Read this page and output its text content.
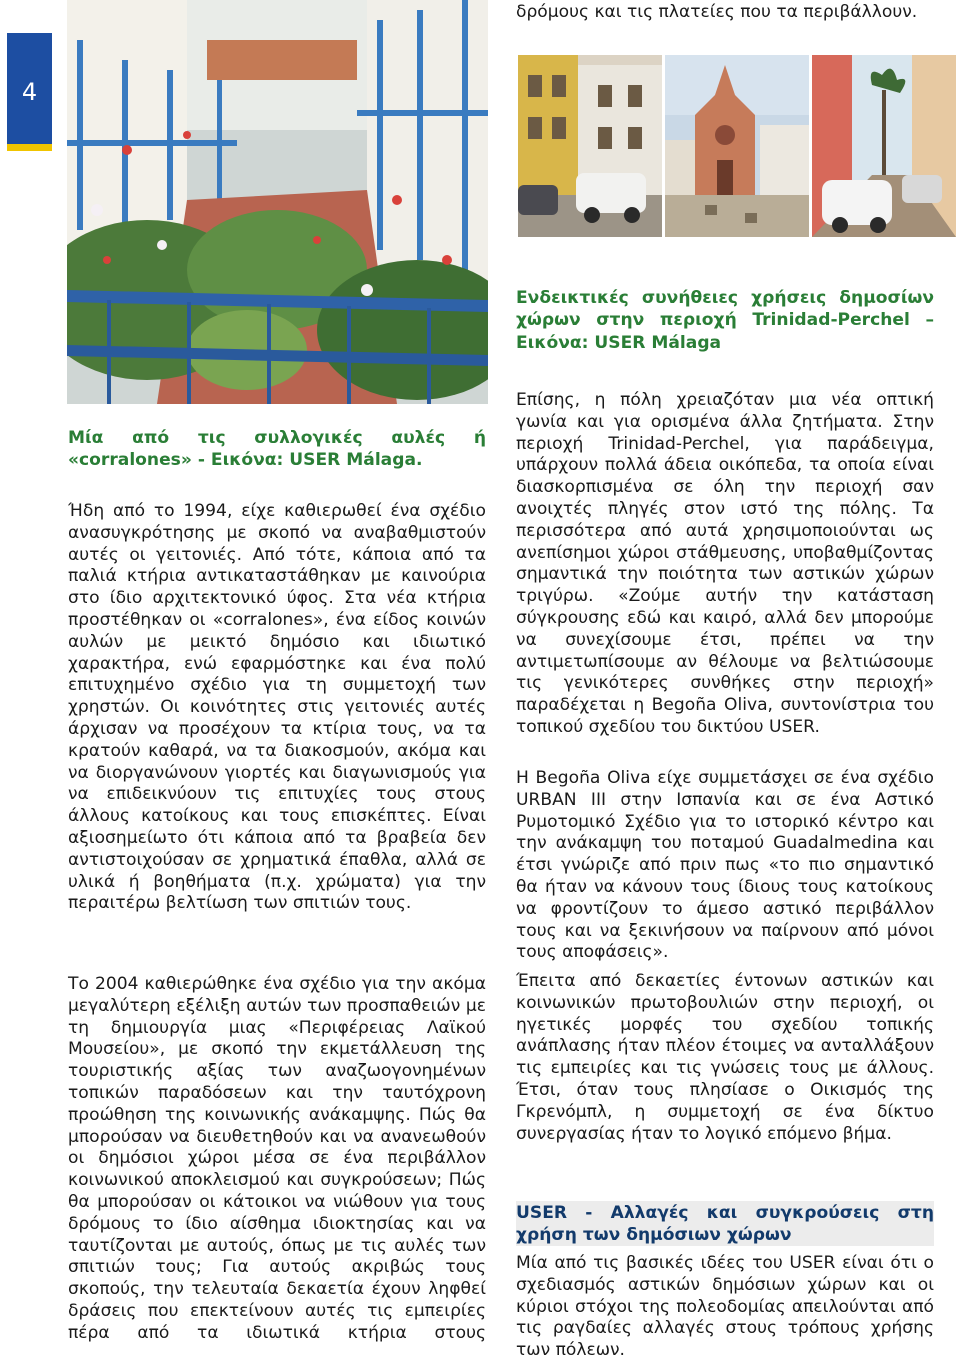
4

Μία από τις συλλογικές αυλές ή

«corralones» - Εικόνα: USER Málaga.

Ήδη από το 1994, είχε καθιερωθεί ένα σχέδιο ανασυγκρότησης με σκοπό να αναβαθμιστούν αυτές οι γειτονιές. Από τότε, κάποια από τα παλιά κτήρια αντικαταστάθηκαν με καινούρια στο ίδιο αρχιτεκτονικό ύφος. Στα νέα κτήρια προστέθηκαν οι «corralones», ένα είδος κοινών αυλών με μεικτό δημόσιο και ιδιωτικό χαρακτήρα, ενώ εφαρμόστηκε και ένα πολύ επιτυχημένο σχέδιο για τη συμμετοχή των χρηστών. Οι κοινότητες στις γειτονιές αυτές άρχισαν να προσέχουν τα κτίρια τους, να τα κρατούν καθαρά, να τα διακοσμούν, ακόμα και να διοργανώνουν γιορτές και διαγωνισμούς για να επιδεικνύουν τις επιτυχίες τους στους άλλους κατοίκους και τους επισκέπτες. Είναι αξιοσημείωτο ότι κάποια από τα βραβεία δεν αντιστοιχούσαν σε χρηματικά έπαθλα, αλλά σε υλικά ή βοηθήματα (π.χ. χρώματα) για την περαιτέρω βελτίωση των σπιτιών τους.

Το 2004 καθιερώθηκε ένα σχέδιο για την ακόμα μεγαλύτερη εξέλιξη αυτών των προσπαθειών με τη δημιουργία μιας «Περιφέρειας Λαϊκού Μουσείου», με σκοπό την εκμετάλλευση της τουριστικής αξίας των αναζωογονημένων τοπικών παραδόσεων και την ταυτόχρονη προώθηση της κοινωνικής ανάκαμψης. Πώς θα μπορούσαν να διευθετηθούν και να ανανεωθούν οι δημόσιοι χώροι μέσα σε ένα περιβάλλον κοινωνικού αποκλεισμού και συγκρούσεων; Πώς θα μπορούσαν οι κάτοικοι να νιώθουν για τους δρόμους το ίδιο αίσθημα ιδιοκτησίας και να ταυτίζονται με αυτούς, όπως με τις αυλές των σπιτιών τους; Για αυτούς ακριβώς τους σκοπούς, την τελευταία δεκαετία έχουν ληφθεί δράσεις που επεκτείνουν αυτές τις εμπειρίες πέρα από τα ιδιωτικά κτήρια στους

δρόμους και τις πλατείες που τα περιβάλλουν.

Ενδεικτικές συνήθειες χρήσεις δημοσίων χώρων στην περιοχή Trinidad-Perchel – Εικόνα: USER Málaga

Επίσης, η πόλη χρειαζόταν μια νέα οπτική γωνία και για ορισμένα άλλα ζητήματα. Στην περιοχή Trinidad-Perchel, για παράδειγμα, υπάρχουν πολλά άδεια οικόπεδα, τα οποία είναι διασκορπισμένα σε όλη την περιοχή σαν ανοιχτές πληγές στον ιστό της πόλης. Τα περισσότερα από αυτά χρησιμοποιούνται ως ανεπίσημοι χώροι στάθμευσης, υποβαθμίζοντας σημαντικά την ποιότητα των αστικών χώρων τριγύρω. «Ζούμε αυτήν την κατάσταση σύγκρουσης εδώ και καιρό, αλλά δεν μπορούμε να συνεχίσουμε έτσι, πρέπει να την αντιμετωπίσουμε αν θέλουμε να βελτιώσουμε τις γενικότερες συνθήκες στην περιοχή» παραδέχεται η Begoña Oliva, συντονίστρια του τοπικού σχεδίου του δικτύου USER.

Η Begoña Oliva είχε συμμετάσχει σε ένα σχέδιο URBAN III στην Ισπανία και σε ένα Αστικό Ρυμοτομικό Σχέδιο για το ιστορικό κέντρο και την ανάκαμψη του ποταμού Guadalmedina και έτσι γνώριζε από πριν πως «το πιο σημαντικό θα ήταν να κάνουν τους ίδιους τους κατοίκους να φροντίζουν το άμεσο αστικό περιβάλλον τους και να ξεκινήσουν να παίρνουν από μόνοι τους αποφάσεις».

Έπειτα από δεκαετίες έντονων αστικών και κοινωνικών πρωτοβουλιών στην περιοχή, οι ηγετικές μορφές του σχεδίου τοπικής ανάπλασης ήταν πλέον έτοιμες να ανταλλάξουν τις εμπειρίες και τις γνώσεις τους με άλλους. Έτσι, όταν τους πλησίασε ο Οικισμός της Γκρενόμπλ, η συμμετοχή σε ένα δίκτυο συνεργασίας ήταν το λογικό επόμενο βήμα.

USER - Αλλαγές και συγκρούσεις στη χρήση των δημόσιων χώρων

Μία από τις βασικές ιδέες του USER είναι ότι ο σχεδιασμός αστικών δημόσιων χώρων και οι κύριοι στόχοι της πολεοδομίας απειλούνται από τις ραγδαίες αλλαγές στους τρόπους χρήσης των πόλεων.
